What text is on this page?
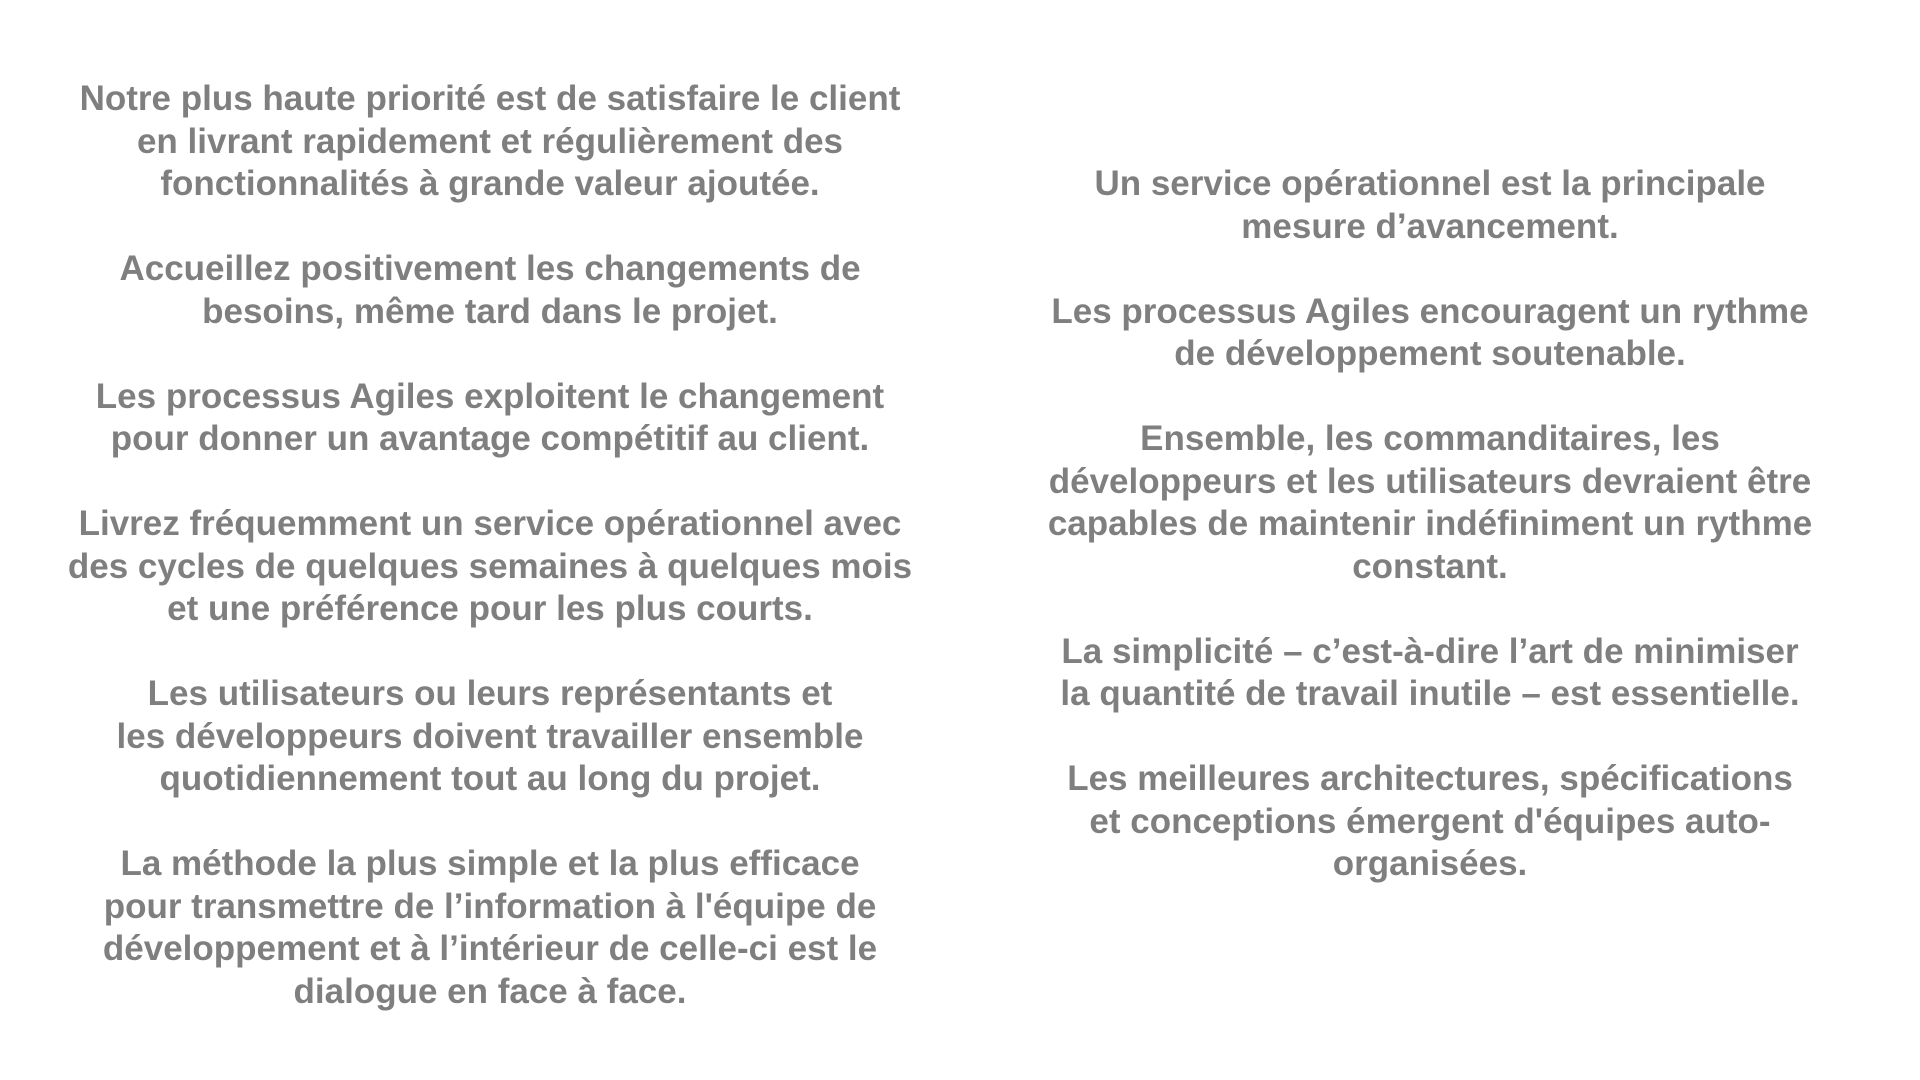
Notre plus haute priorité est de satisfaire le client
en livrant rapidement et régulièrement des
fonctionnalités à grande valeur ajoutée.

Accueillez positivement les changements de
besoins, même tard dans le projet.

Les processus Agiles exploitent le changement
pour donner un avantage compétitif au client.

Livrez fréquemment un service opérationnel avec
des cycles de quelques semaines à quelques mois
et une préférence pour les plus courts.

Les utilisateurs ou leurs représentants et
les développeurs doivent travailler ensemble
quotidiennement tout au long du projet.

La méthode la plus simple et la plus efficace
pour transmettre de l’information à l'équipe de
développement et à l’intérieur de celle-ci est le
dialogue en face à face.

Un service opérationnel est la principale
mesure d’avancement.

Les processus Agiles encouragent un rythme
de développement soutenable.

Ensemble, les commanditaires, les
développeurs et les utilisateurs devraient être
capables de maintenir indéfiniment un rythme
constant.

La simplicité – c’est-à-dire l’art de minimiser
la quantité de travail inutile – est essentielle.

Les meilleures architectures, spécifications
et conceptions émergent d'équipes auto-
organisées.
